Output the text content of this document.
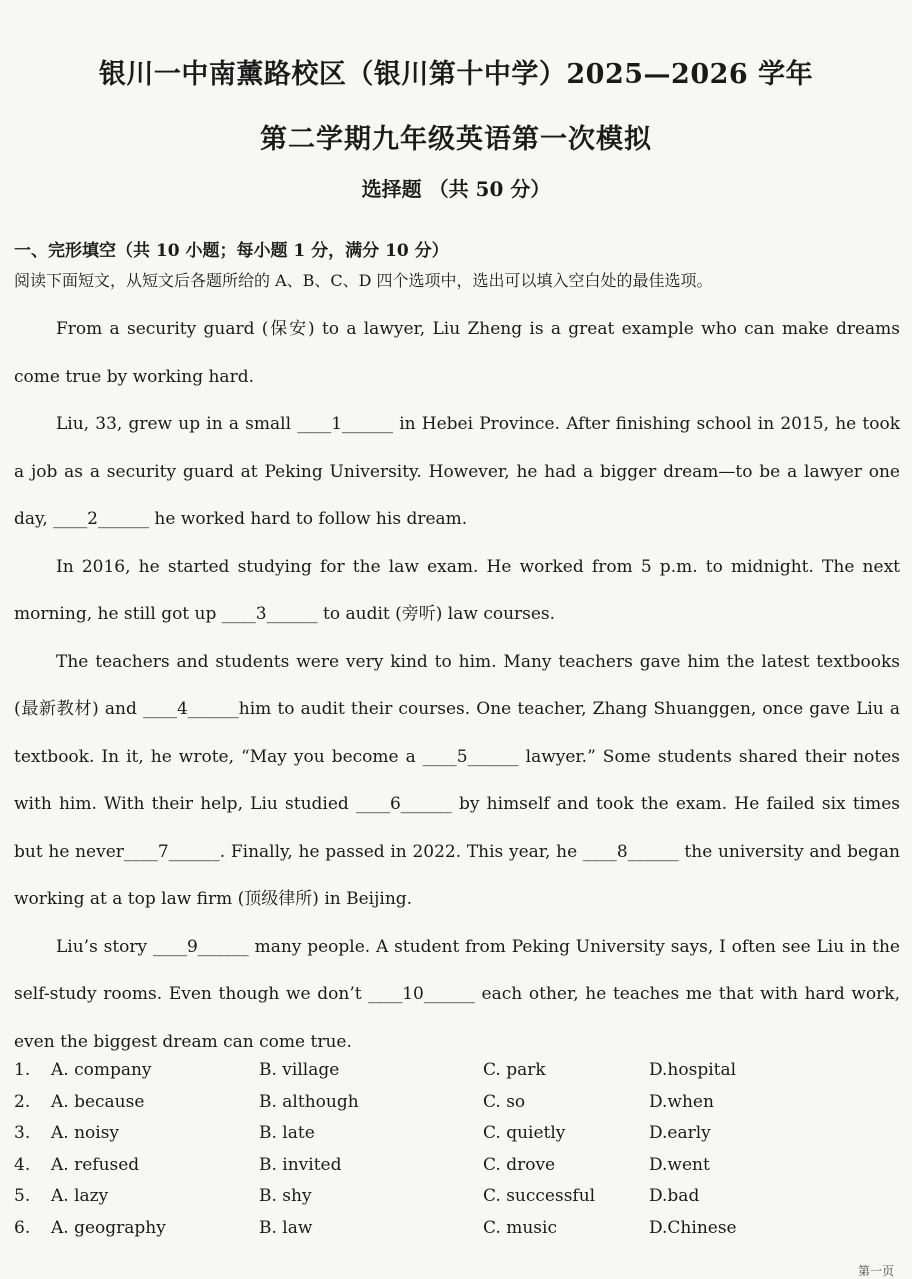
银川一中南薰路校区（银川第十中学）2025—2026 学年
第二学期九年级英语第一次模拟
选择题 （共 50 分）
一、完形填空（共 10 小题；每小题 1 分，满分 10 分）
阅读下面短文，从短文后各题所给的 A、B、C、D 四个选项中，选出可以填入空白处的最佳选项。

From a security guard (保安) to a lawyer, Liu Zheng is a great example who can make dreams come true by working hard.

Liu, 33, grew up in a small ____1______ in Hebei Province. After finishing school in 2015, he took a job as a security guard at Peking University. However, he had a bigger dream—to be a lawyer one day, ____2______ he worked hard to follow his dream.

In 2016, he started studying for the law exam. He worked from 5 p.m. to midnight. The next morning, he still got up ____3______ to audit (旁听) law courses.

The teachers and students were very kind to him. Many teachers gave him the latest textbooks (最新教材) and ____4______him to audit their courses. One teacher, Zhang Shuanggen, once gave Liu a textbook. In it, he wrote, “May you become a ____5______ lawyer.” Some students shared their notes with him. With their help, Liu studied ____6______ by himself and took the exam. He failed six times but he never____7______. Finally, he passed in 2022. This year, he ____8______ the university and began working at a top law firm (顶级律所) in Beijing.

Liu’s story ____9______ many people. A student from Peking University says, I often see Liu in the self-study rooms. Even though we don’t ____10______ each other, he teaches me that with hard work, even the biggest dream can come true.

1. A. company	B. village	C. park	D.hospital
2. A. because	B. although	C. so	D.when
3. A. noisy	B. late	C. quietly	D.early
4. A. refused	B. invited	C. drove	D.went
5. A. lazy	B. shy	C. successful	D.bad
6. A. geography	B. law	C. music	D.Chinese
第一页
